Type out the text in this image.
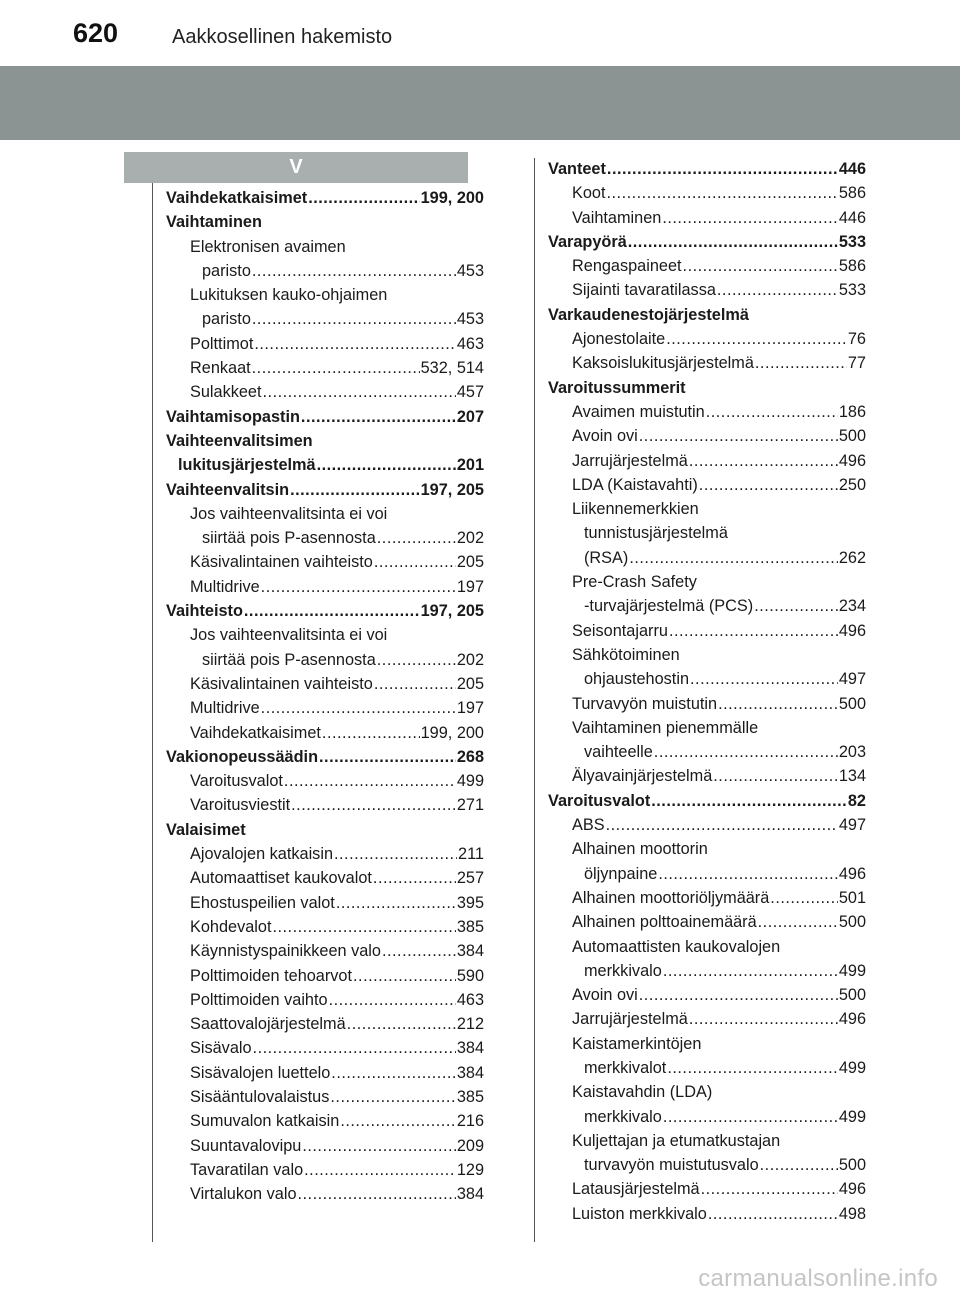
620	Aakkosellinen hakemisto
V
Vaihdekatkaisimet .....	199, 200
Vaihtaminen
Elektronisen avaimen
paristo .....	453
Lukituksen kauko-ohjaimen
paristo .....	453
Polttimot .....	463
Renkaat .....	532, 514
Sulakkeet .....	457
Vaihtamisopastin .....	207
Vaihteenvalitsimen
lukitusjärjestelmä .....	201
Vaihteenvalitsin .....	197, 205
Jos vaihteenvalitsinta ei voi
siirtää pois P-asennosta .....	202
Käsivalintainen vaihteisto .....	205
Multidrive .....	197
Vaihteisto .....	197, 205
Jos vaihteenvalitsinta ei voi
siirtää pois P-asennosta .....	202
Käsivalintainen vaihteisto .....	205
Multidrive .....	197
Vaihdekatkaisimet .....	199, 200
Vakionopeussäädin .....	268
Varoitusvalot .....	499
Varoitusviestit .....	271
Valaisimet
Ajovalojen katkaisin .....	211
Automaattiset kaukovalot .....	257
Ehostuspeilien valot .....	395
Kohdevalot .....	385
Käynnistyspainikkeen valo .....	384
Polttimoiden tehoarvot .....	590
Polttimoiden vaihto .....	463
Saattovalojärjestelmä .....	212
Sisävalo .....	384
Sisävalojen luettelo .....	384
Sisääntulovalaistus .....	385
Sumuvalon katkaisin .....	216
Suuntavalovipu .....	209
Tavaratilan valo .....	129
Virtalukon valo .....	384
Vanteet .....	446
Koot .....	586
Vaihtaminen .....	446
Varapyörä .....	533
Rengaspaineet .....	586
Sijainti tavaratilassa .....	533
Varkaudenestojärjestelmä
Ajonestolaite .....	76
Kaksoislukitusjärjestelmä .....	77
Varoitussummerit
Avaimen muistutin .....	186
Avoin ovi .....	500
Jarrujärjestelmä .....	496
LDA (Kaistavahti) .....	250
Liikennemerkkien
tunnistusjärjestelmä
(RSA) .....	262
Pre-Crash Safety
-turvajärjestelmä (PCS) .....	234
Seisontajarru .....	496
Sähkötoiminen
ohjaustehostin .....	497
Turvavyön muistutin .....	500
Vaihtaminen pienemmälle
vaihteelle .....	203
Älyavainjärjestelmä .....	134
Varoitusvalot .....	82
ABS .....	497
Alhainen moottorin
öljynpaine .....	496
Alhainen moottoriöljymäärä .....	501
Alhainen polttoainemäärä .....	500
Automaattisten kaukovalojen
merkkivalo .....	499
Avoin ovi .....	500
Jarrujärjestelmä .....	496
Kaistamerkintöjen
merkkivalot .....	499
Kaistavahdin (LDA)
merkkivalo .....	499
Kuljettajan ja etumatkustajan
turvavyön muistutusvalo .....	500
Latausjärjestelmä .....	496
Luiston merkkivalo .....	498
carmanualsonline.info
